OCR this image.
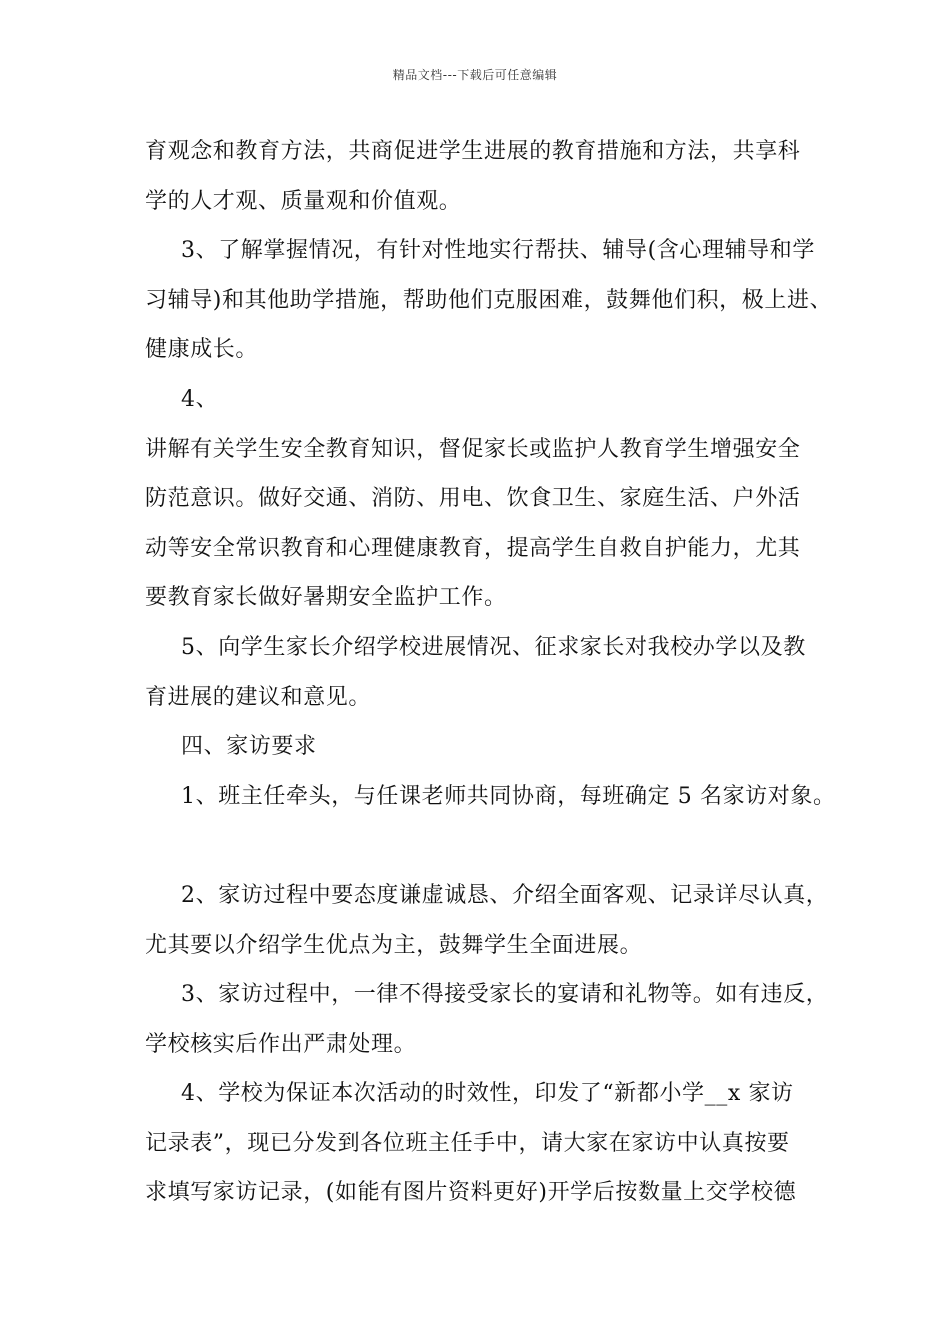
精品文档---下载后可任意编辑
育观念和教育方法，共商促进学生进展的教育措施和方法，共享科
学的人才观、质量观和价值观。
3、了解掌握情况，有针对性地实行帮扶、辅导(含心理辅导和学
习辅导)和其他助学措施，帮助他们克服困难，鼓舞他们积，极上进、
健康成长。
4、
讲解有关学生安全教育知识，督促家长或监护人教育学生增强安全
防范意识。做好交通、消防、用电、饮食卫生、家庭生活、户外活
动等安全常识教育和心理健康教育，提高学生自救自护能力，尤其
要教育家长做好暑期安全监护工作。
5、向学生家长介绍学校进展情况、征求家长对我校办学以及教
育进展的建议和意见。
四、家访要求
1、班主任牵头，与任课老师共同协商，每班确定 5 名家访对象。
2、家访过程中要态度谦虚诚恳、介绍全面客观、记录详尽认真，
尤其要以介绍学生优点为主，鼓舞学生全面进展。
3、家访过程中，一律不得接受家长的宴请和礼物等。如有违反，
学校核实后作出严肃处理。
4、学校为保证本次活动的时效性，印发了“新都小学__x 家访
记录表”，现已分发到各位班主任手中，请大家在家访中认真按要
求填写家访记录，(如能有图片资料更好)开学后按数量上交学校德
